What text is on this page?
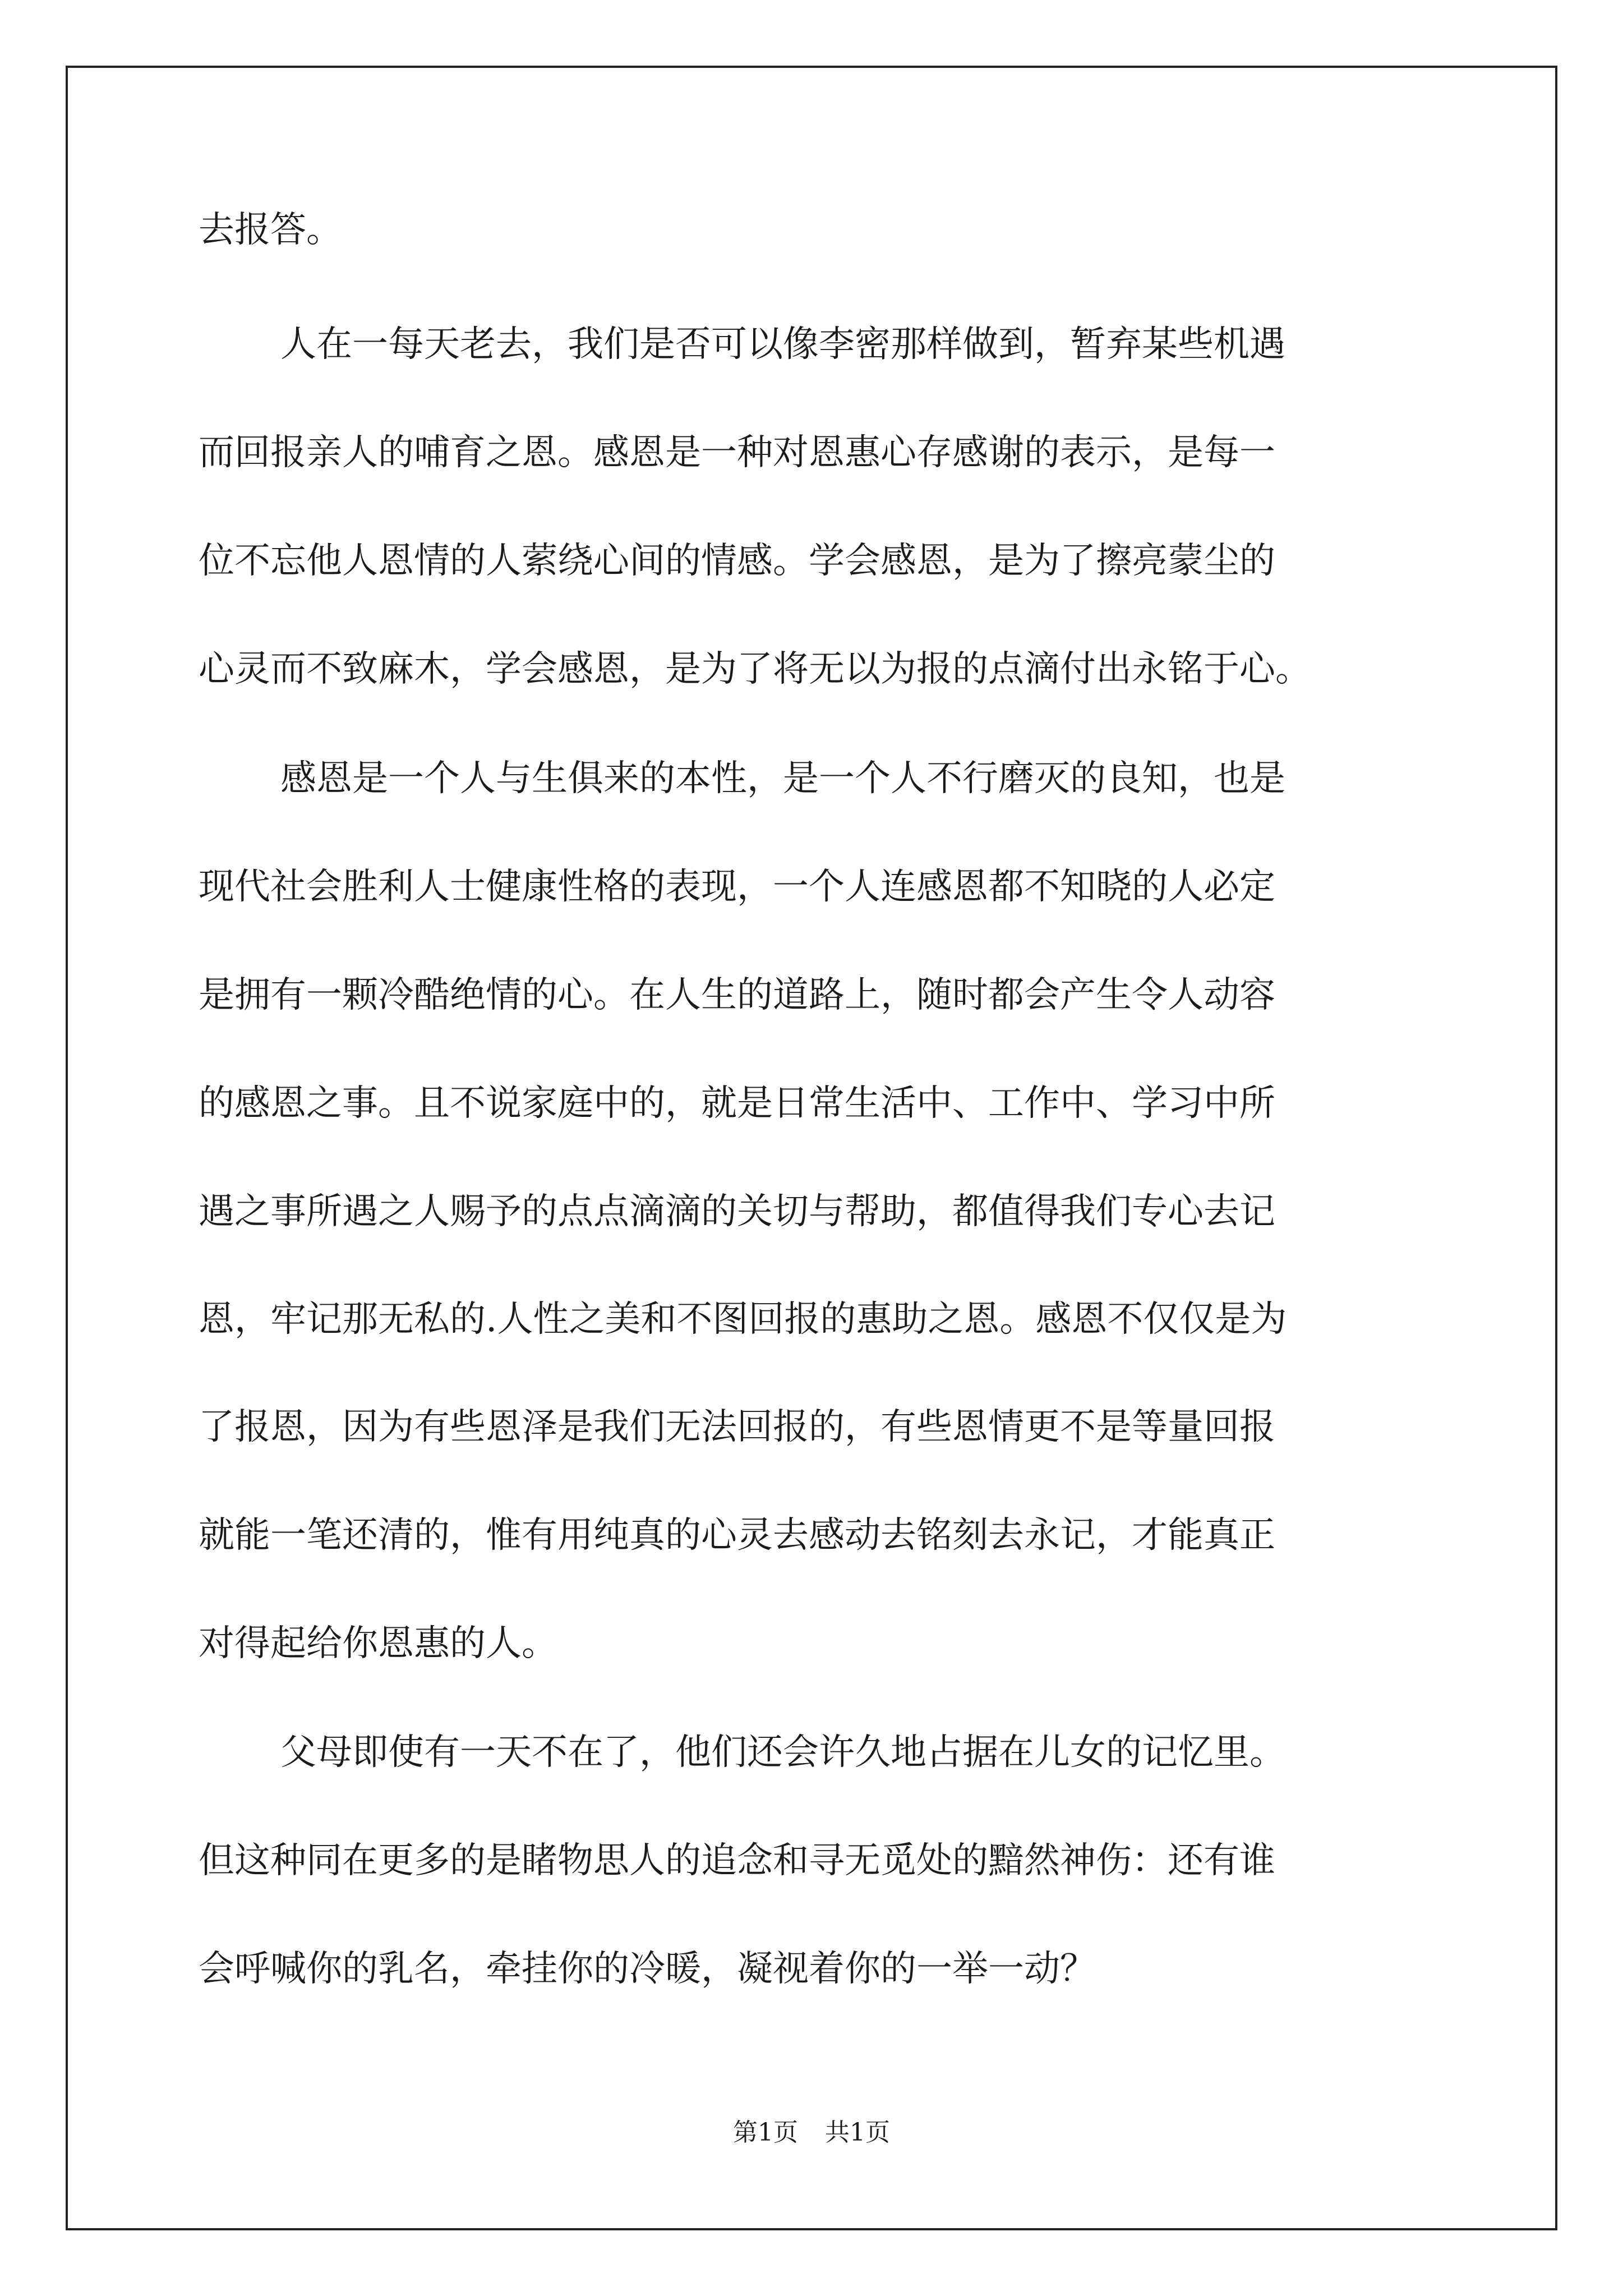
去报答。

人在一每天老去，我们是否可以像李密那样做到，暂弃某些机遇

而回报亲人的哺育之恩。感恩是一种对恩惠心存感谢的表示，是每一

位不忘他人恩情的人萦绕心间的情感。学会感恩，是为了擦亮蒙尘的

心灵而不致麻木，学会感恩，是为了将无以为报的点滴付出永铭于心。

感恩是一个人与生俱来的本性，是一个人不行磨灭的良知，也是

现代社会胜利人士健康性格的表现，一个人连感恩都不知晓的人必定

是拥有一颗冷酷绝情的心。在人生的道路上，随时都会产生令人动容

的感恩之事。且不说家庭中的，就是日常生活中、工作中、学习中所

遇之事所遇之人赐予的点点滴滴的关切与帮助，都值得我们专心去记

恩，牢记那无私的.人性之美和不图回报的惠助之恩。感恩不仅仅是为

了报恩，因为有些恩泽是我们无法回报的，有些恩情更不是等量回报

就能一笔还清的，惟有用纯真的心灵去感动去铭刻去永记，才能真正

对得起给你恩惠的人。

父母即使有一天不在了，他们还会许久地占据在儿女的记忆里。

但这种同在更多的是睹物思人的追念和寻无觅处的黯然神伤：还有谁

会呼喊你的乳名，牵挂你的冷暖，凝视着你的一举一动？

第1页 共1页
